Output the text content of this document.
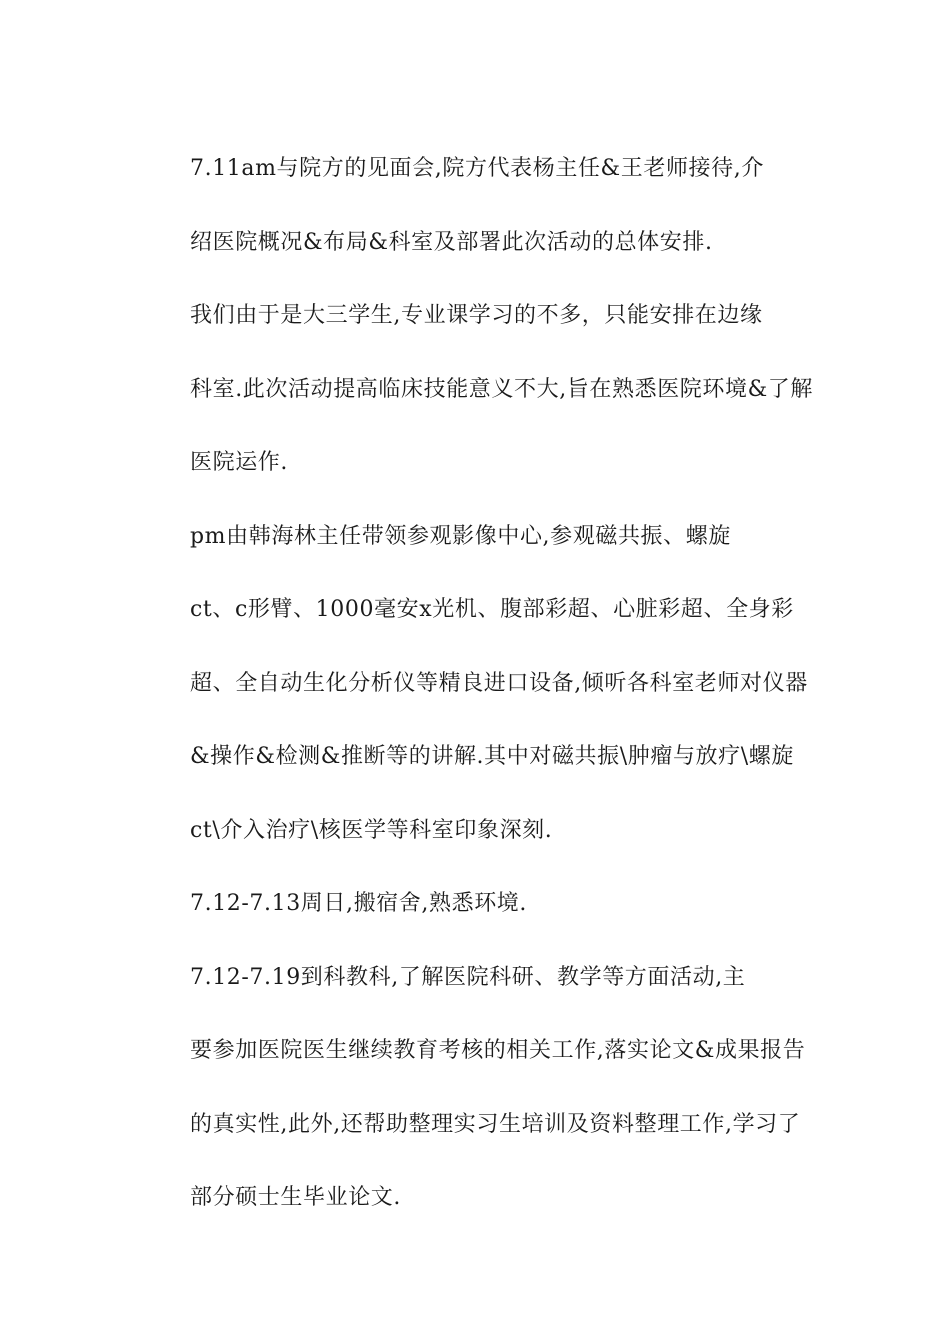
7.11am与院方的见面会,院方代表杨主任&王老师接待,介
绍医院概况&布局&科室及部署此次活动的总体安排.

我们由于是大三学生,专业课学习的不多，只能安排在边缘
科室.此次活动提高临床技能意义不大,旨在熟悉医院环境&了解
医院运作.

pm由韩海林主任带领参观影像中心,参观磁共振、螺旋
ct、c形臂、1000毫安x光机、腹部彩超、心脏彩超、全身彩
超、全自动生化分析仪等精良进口设备,倾听各科室老师对仪器
&操作&检测&推断等的讲解.其中对磁共振\肿瘤与放疗\螺旋
ct\介入治疗\核医学等科室印象深刻.

7.12-7.13周日,搬宿舍,熟悉环境.

7.12-7.19到科教科,了解医院科研、教学等方面活动,主
要参加医院医生继续教育考核的相关工作,落实论文&成果报告
的真实性,此外,还帮助整理实习生培训及资料整理工作,学习了
部分硕士生毕业论文.
